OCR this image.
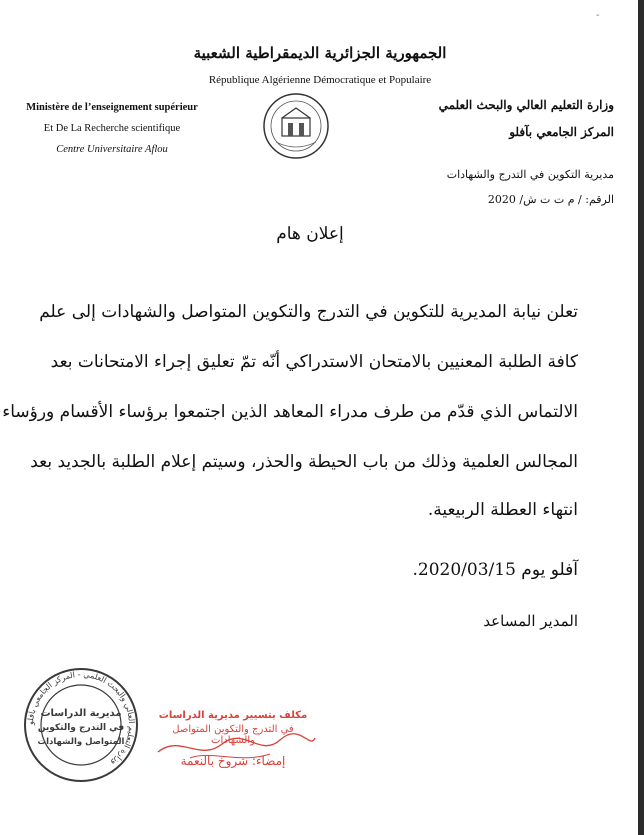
-
الجمهورية الجزائرية الديمقراطية الشعبية
République Algérienne Démocratique et Populaire
Ministère de l’enseignement supérieur
Et De La Recherche scientifique
Centre Universitaire Aflou
وزارة التعليم العالي والبحث العلمي
المركز الجامعي بآفلو
مديرية التكوين في التدرج والشهادات
الرقم: / م ت ت ش/ 2020
إعلان هام
تعلن نيابة المديرية للتكوين في التدرج والتكوين المتواصل والشهادات إلى علم
كافة الطلبة المعنيين بالامتحان الاستدراكي أنّه تمّ تعليق إجراء الامتحانات بعد
الالتماس الذي قدّم من طرف مدراء المعاهد الذين اجتمعوا برؤساء الأقسام ورؤساء
المجالس العلمية وذلك من باب الحيطة والحذر، وسيتم إعلام الطلبة بالجديد بعد
انتهاء العطلة الربيعية.
آفلو يوم 2020/03/15.
المدير المساعد
وزارة التعليم العالي والبحث العلمي - المركز الجامعي بآفلو
مديرية الدراسات
في التدرج والتكوين
المتواصل والشهادات
مكلف بتسيير مديرية الدراسات
في التدرج والتكوين المتواصل والشهادات
إمضاء: شروخ بالنعمة
